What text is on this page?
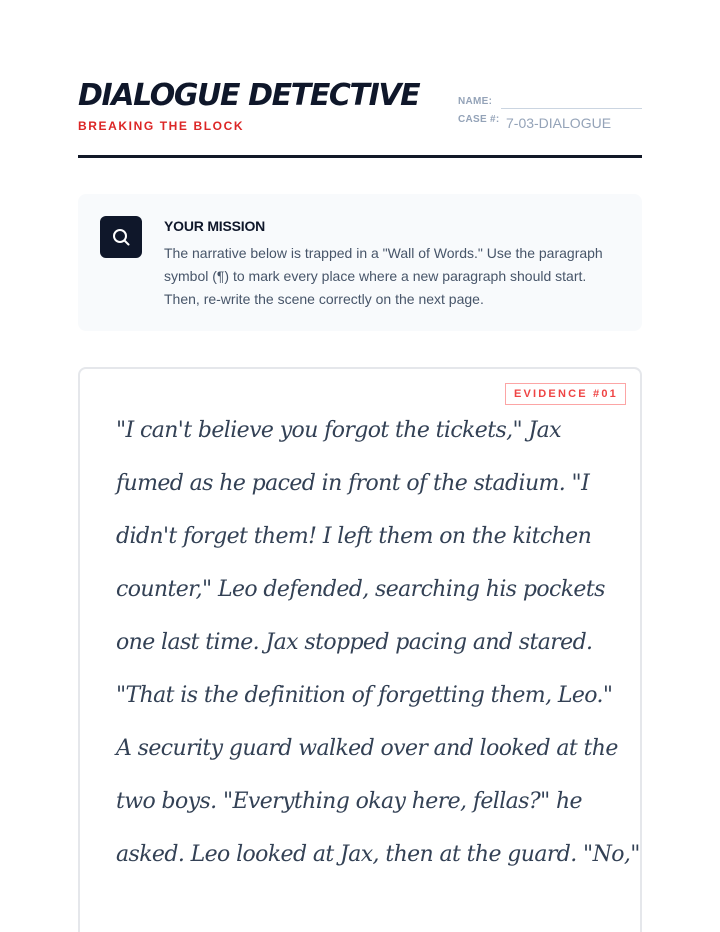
DIALOGUE DETECTIVE
BREAKING THE BLOCK
NAME:
CASE #: 7-03-DIALOGUE
YOUR MISSION
The narrative below is trapped in a "Wall of Words." Use the paragraph symbol (¶) to mark every place where a new paragraph should start. Then, re-write the scene correctly on the next page.
EVIDENCE #01
"I can't believe you forgot the tickets," Jax
fumed as he paced in front of the stadium. "I
didn't forget them! I left them on the kitchen
counter," Leo defended, searching his pockets
one last time. Jax stopped pacing and stared.
"That is the definition of forgetting them, Leo."
A security guard walked over and looked at the
two boys. "Everything okay here, fellas?" he
asked. Leo looked at Jax, then at the guard. "No,"
